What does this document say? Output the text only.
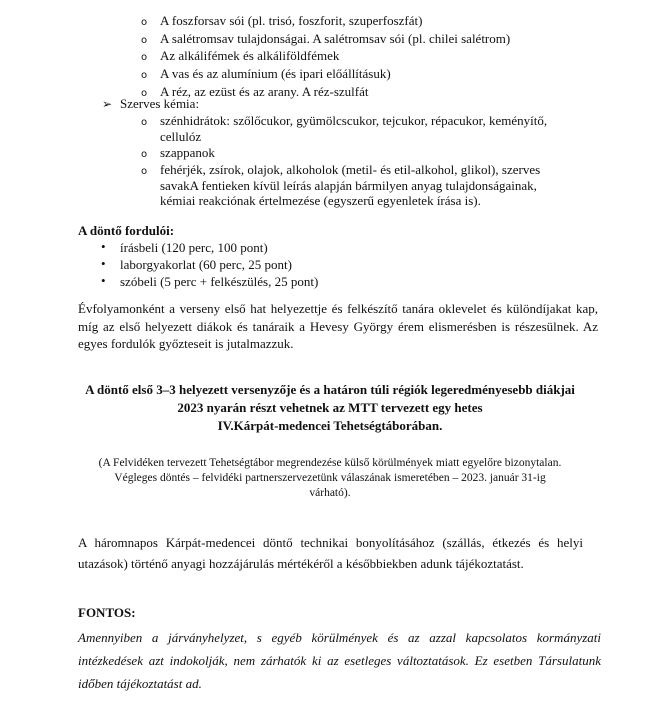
o A foszforsav sói (pl. trisó, foszforit, szuperfoszfát)
o A salétromsav tulajdonságai. A salétromsav sói (pl. chilei salétrom)
o Az alkálifémek és alkáliföldfémek
o A vas és az alumínium (és ipari előállításuk)
o A réz, az ezüst és az arany. A réz-szulfát
➢ Szerves kémia:
o szénhidrátok: szőlőcukor, gyümölcscukor, tejcukor, répacukor, keményítő,
cellulóz
o szappanok
o fehérjék, zsírok, olajok, alkoholok (metil- és etil-alkohol, glikol), szerves
savakA fentieken kívül leírás alapján bármilyen anyag tulajdonságainak,
kémiai reakciónak értelmezése (egyszerű egyenletek írása is).
A döntő fordulói:
• írásbeli (120 perc, 100 pont)
• laborgyakorlat (60 perc, 25 pont)
• szóbeli (5 perc + felkészülés, 25 pont)
Évfolyamonként a verseny első hat helyezettje és felkészítő tanára oklevelet és különdíjakat kap, míg az első helyezett diákok és tanáraik a Hevesy György érem elismerésben is részesülnek. Az egyes fordulók győzteseit is jutalmazzuk.
A döntő első 3–3 helyezett versenyzője és a határon túli régiók legeredményesebb diákjai
2023 nyarán részt vehetnek az MTT tervezett egy hetes
IV.Kárpát-medencei Tehetségtáborában.
(A Felvidéken tervezett Tehetségtábor megrendezése külső körülmények miatt egyelőre bizonytalan.
Végleges döntés – felvidéki partnerszervezetünk válaszának ismeretében – 2023. január 31-ig
várható).
A háromnapos Kárpát-medencei döntő technikai bonyolításához (szállás, étkezés és helyi utazások) történő anyagi hozzájárulás mértékéről a későbbiekben adunk tájékoztatást.
FONTOS:
Amennyiben a járványhelyzet, s egyéb körülmények és az azzal kapcsolatos kormányzati intézkedések azt indokolják, nem zárhatók ki az esetleges változtatások. Ez esetben Társulatunk időben tájékoztatást ad.
